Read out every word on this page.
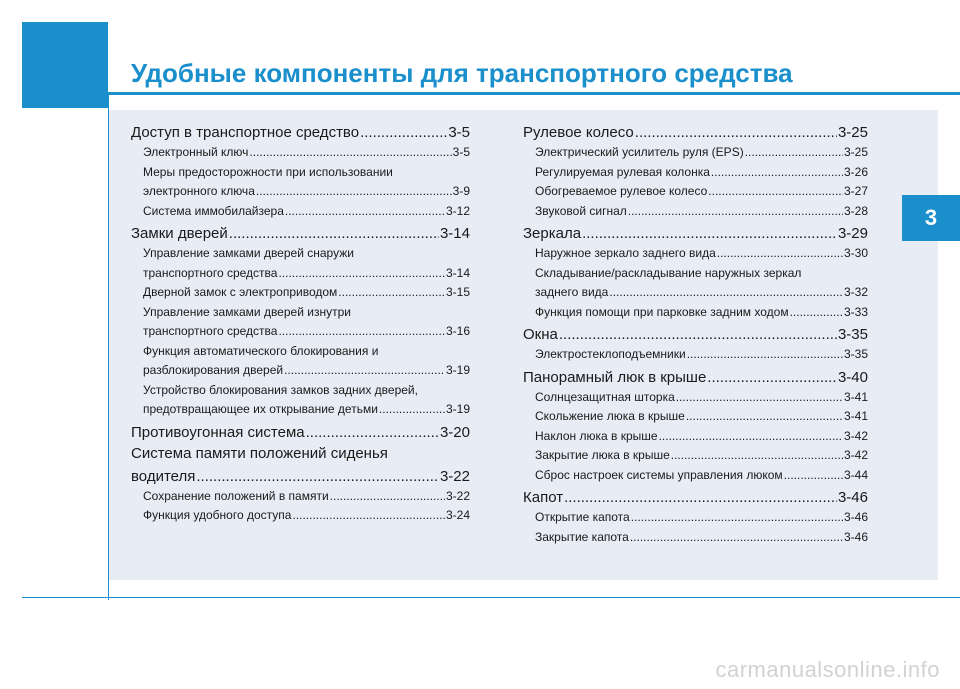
Удобные компоненты для транспортного средства
3
Доступ в транспортное средство .....	3-5
Электронный ключ .....	3-5
Меры предосторожности при использовании
электронного ключа .....	3-9
Система иммобилайзера .....	3-12
Замки дверей .....	3-14
Управление замками дверей снаружи
транспортного средства .....	3-14
Дверной замок с электроприводом .....	3-15
Управление замками дверей изнутри
транспортного средства .....	3-16
Функция автоматического блокирования и
разблокирования дверей .....	3-19
Устройство блокирования замков задних дверей,
предотвращающее их открывание детьми .....	3-19
Противоугонная система .....	3-20
Система памяти положений сиденья
водителя .....	3-22
Сохранение положений в памяти .....	3-22
Функция удобного доступа .....	3-24
Рулевое колесо .....	3-25
Электрический усилитель руля (EPS) .....	3-25
Регулируемая рулевая колонка .....	3-26
Обогреваемое рулевое колесо .....	3-27
Звуковой сигнал .....	3-28
Зеркала .....	3-29
Наружное зеркало заднего вида .....	3-30
Складывание/раскладывание наружных зеркал
заднего вида .....	3-32
Функция помощи при парковке задним ходом .....	3-33
Окна .....	3-35
Электростеклоподъемники .....	3-35
Панорамный люк в крыше .....	3-40
Солнцезащитная шторка .....	3-41
Скольжение люка в крыше .....	3-41
Наклон люка в крыше .....	3-42
Закрытие люка в крыше .....	3-42
Сброс настроек системы управления люком .....	3-44
Капот .....	3-46
Открытие капота .....	3-46
Закрытие капота .....	3-46
carmanualsonline.info
